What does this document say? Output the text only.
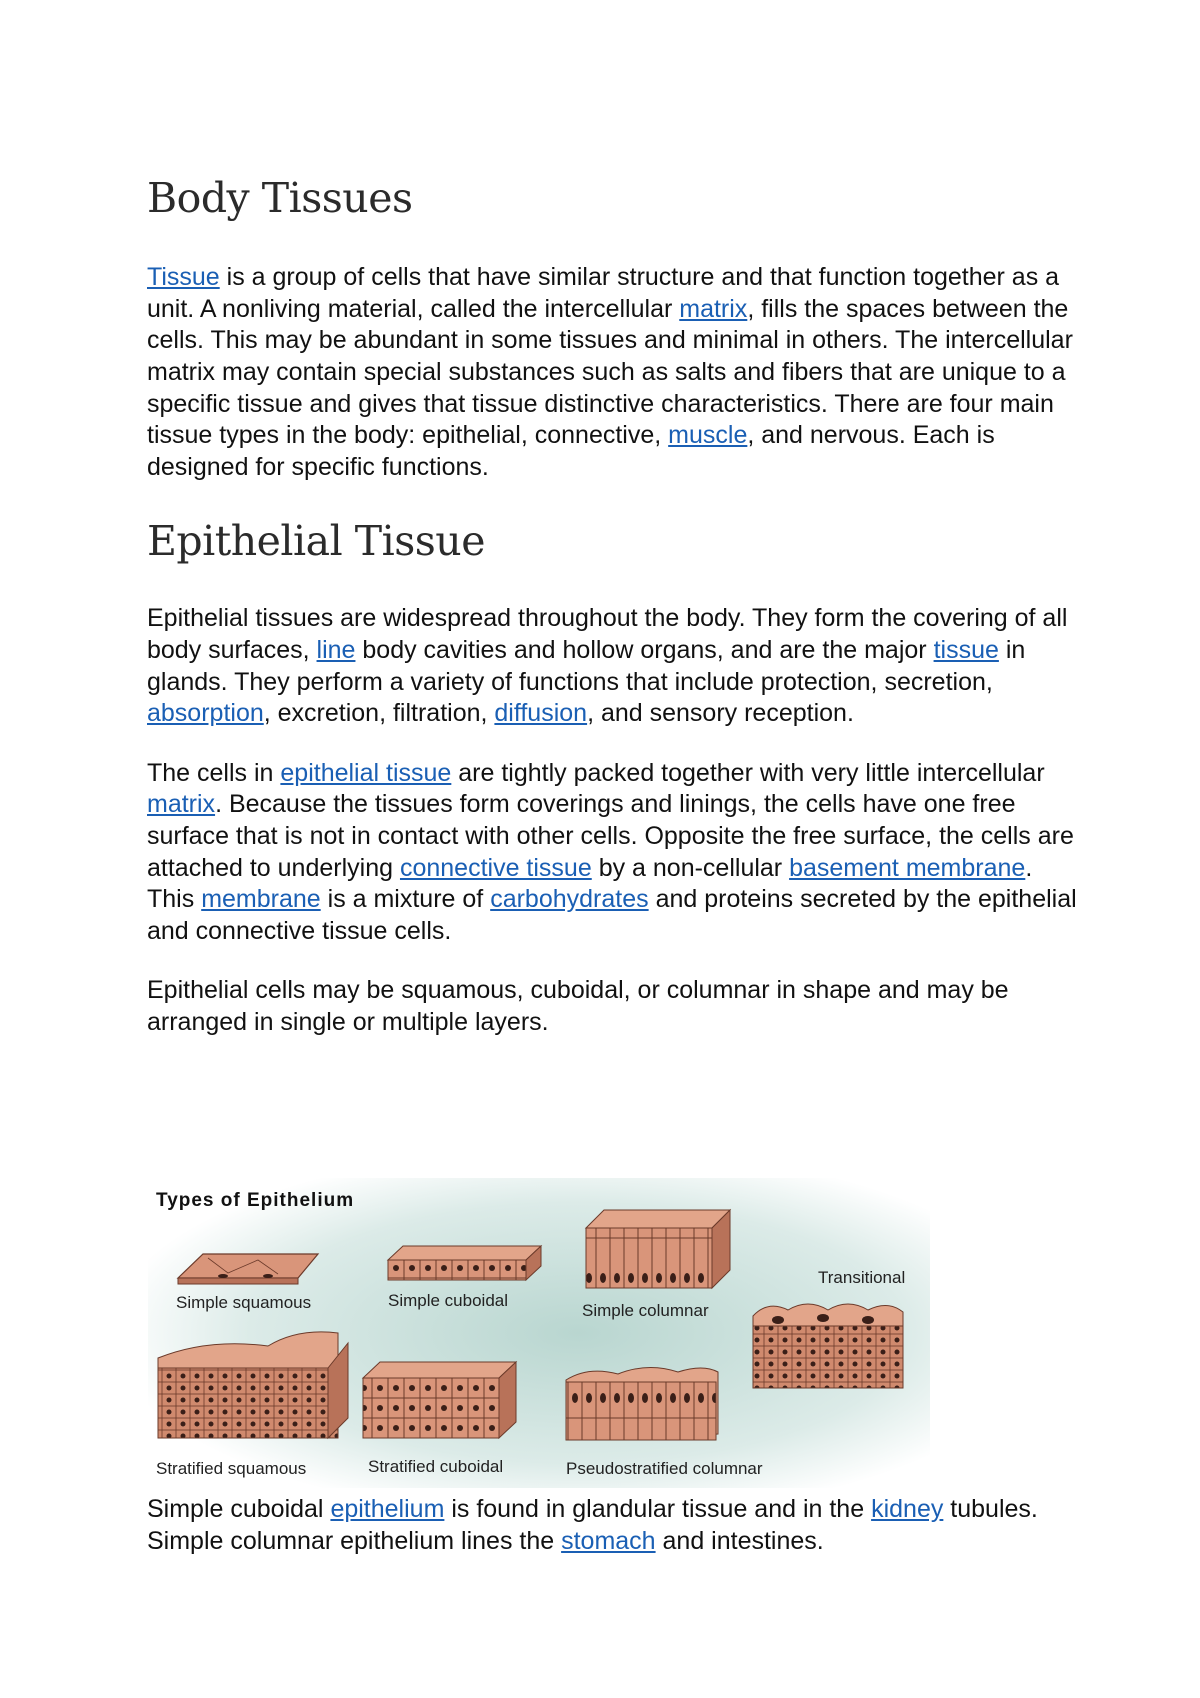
Body Tissues

Tissue is a group of cells that have similar structure and that function together as a unit. A nonliving material, called the intercellular matrix, fills the spaces between the cells. This may be abundant in some tissues and minimal in others. The intercellular matrix may contain special substances such as salts and fibers that are unique to a specific tissue and gives that tissue distinctive characteristics. There are four main tissue types in the body: epithelial, connective, muscle, and nervous. Each is designed for specific functions.

Epithelial Tissue

Epithelial tissues are widespread throughout the body. They form the covering of all body surfaces, line body cavities and hollow organs, and are the major tissue in glands. They perform a variety of functions that include protection, secretion, absorption, excretion, filtration, diffusion, and sensory reception.

The cells in epithelial tissue are tightly packed together with very little intercellular matrix. Because the tissues form coverings and linings, the cells have one free surface that is not in contact with other cells. Opposite the free surface, the cells are attached to underlying connective tissue by a non-cellular basement membrane. This membrane is a mixture of carbohydrates and proteins secreted by the epithelial and connective tissue cells.

Epithelial cells may be squamous, cuboidal, or columnar in shape and may be arranged in single or multiple layers.

Types of Epithelium
Simple squamous	Simple cuboidal
Simple columnar
Transitional
Stratified squamous	Stratified cuboidal	Pseudostratified columnar

Simple cuboidal epithelium is found in glandular tissue and in the kidney tubules. Simple columnar epithelium lines the stomach and intestines.
